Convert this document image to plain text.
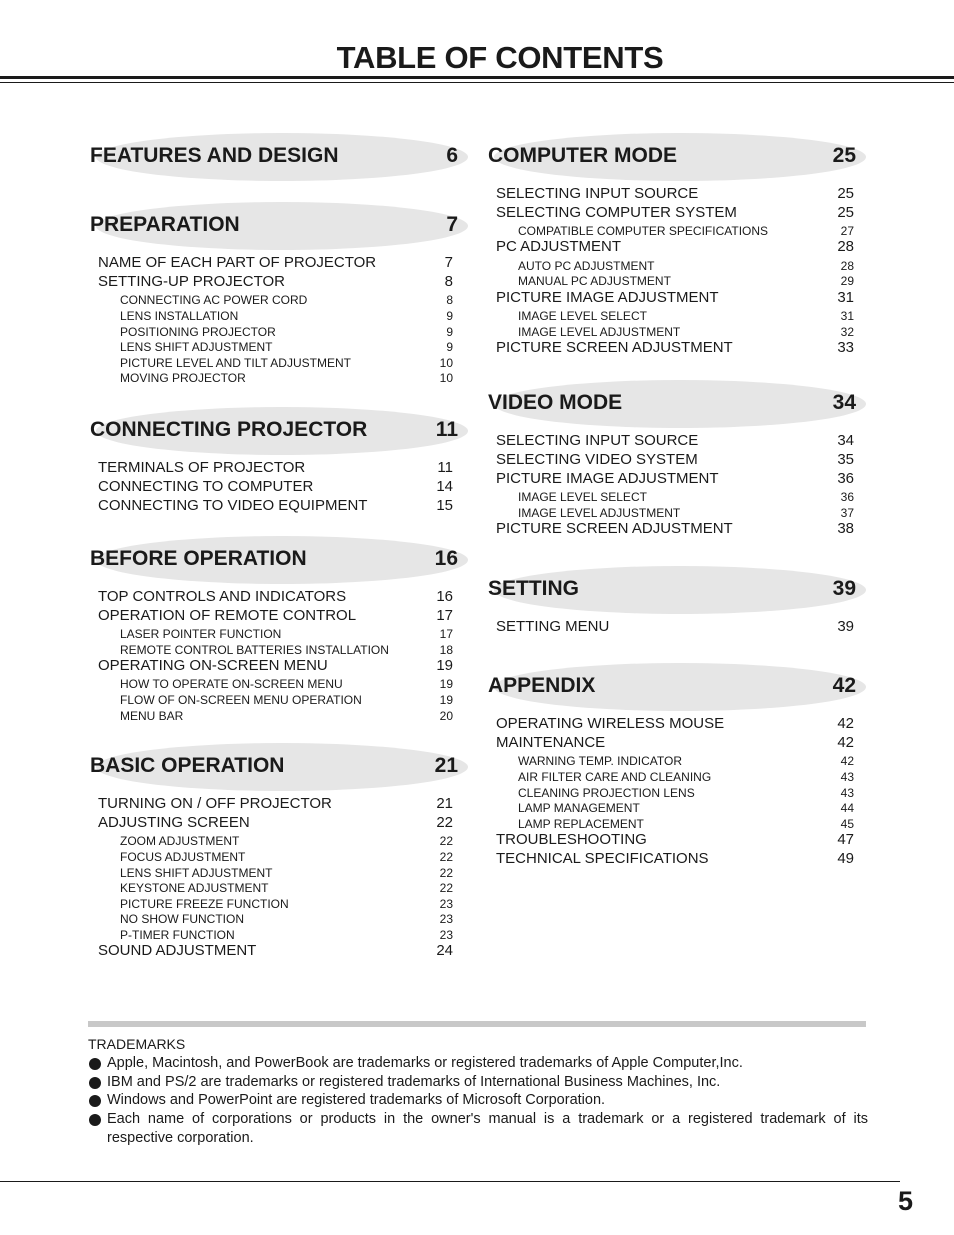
TABLE OF CONTENTS
FEATURES AND DESIGN	6
PREPARATION	7
NAME OF EACH PART OF PROJECTOR	7
SETTING-UP PROJECTOR	8
CONNECTING AC POWER CORD	8
LENS INSTALLATION	9
POSITIONING PROJECTOR	9
LENS SHIFT ADJUSTMENT	9
PICTURE LEVEL AND TILT ADJUSTMENT	10
MOVING PROJECTOR	10
CONNECTING PROJECTOR	11
TERMINALS OF PROJECTOR	11
CONNECTING TO COMPUTER	14
CONNECTING TO VIDEO EQUIPMENT	15
BEFORE OPERATION	16
TOP CONTROLS AND INDICATORS	16
OPERATION OF REMOTE CONTROL	17
LASER POINTER FUNCTION	17
REMOTE CONTROL BATTERIES INSTALLATION	18
OPERATING ON-SCREEN MENU	19
HOW TO OPERATE ON-SCREEN MENU	19
FLOW OF ON-SCREEN MENU OPERATION	19
MENU BAR	20
BASIC OPERATION	21
TURNING ON / OFF PROJECTOR	21
ADJUSTING SCREEN	22
ZOOM ADJUSTMENT	22
FOCUS ADJUSTMENT	22
LENS SHIFT ADJUSTMENT	22
KEYSTONE ADJUSTMENT	22
PICTURE FREEZE FUNCTION	23
NO SHOW FUNCTION	23
P-TIMER FUNCTION	23
SOUND ADJUSTMENT	24
COMPUTER MODE	25
SELECTING INPUT SOURCE	25
SELECTING COMPUTER SYSTEM	25
COMPATIBLE COMPUTER SPECIFICATIONS	27
PC ADJUSTMENT	28
AUTO PC ADJUSTMENT	28
MANUAL PC ADJUSTMENT	29
PICTURE IMAGE ADJUSTMENT	31
IMAGE LEVEL SELECT	31
IMAGE LEVEL ADJUSTMENT	32
PICTURE SCREEN ADJUSTMENT	33
VIDEO MODE	34
SELECTING INPUT SOURCE	34
SELECTING VIDEO SYSTEM	35
PICTURE IMAGE ADJUSTMENT	36
IMAGE LEVEL SELECT	36
IMAGE LEVEL ADJUSTMENT	37
PICTURE SCREEN ADJUSTMENT	38
SETTING	39
SETTING MENU	39
APPENDIX	42
OPERATING WIRELESS MOUSE	42
MAINTENANCE	42
WARNING TEMP. INDICATOR	42
AIR FILTER CARE AND CLEANING	43
CLEANING PROJECTION LENS	43
LAMP MANAGEMENT	44
LAMP REPLACEMENT	45
TROUBLESHOOTING	47
TECHNICAL SPECIFICATIONS	49
TRADEMARKS
Apple, Macintosh, and PowerBook are trademarks or registered trademarks of Apple Computer,Inc.
IBM and PS/2 are trademarks or registered trademarks of International Business Machines, Inc.
Windows and PowerPoint are registered trademarks of Microsoft Corporation.
Each name of corporations or products in the owner's manual is a trademark or a registered trademark of its respective corporation.
5
